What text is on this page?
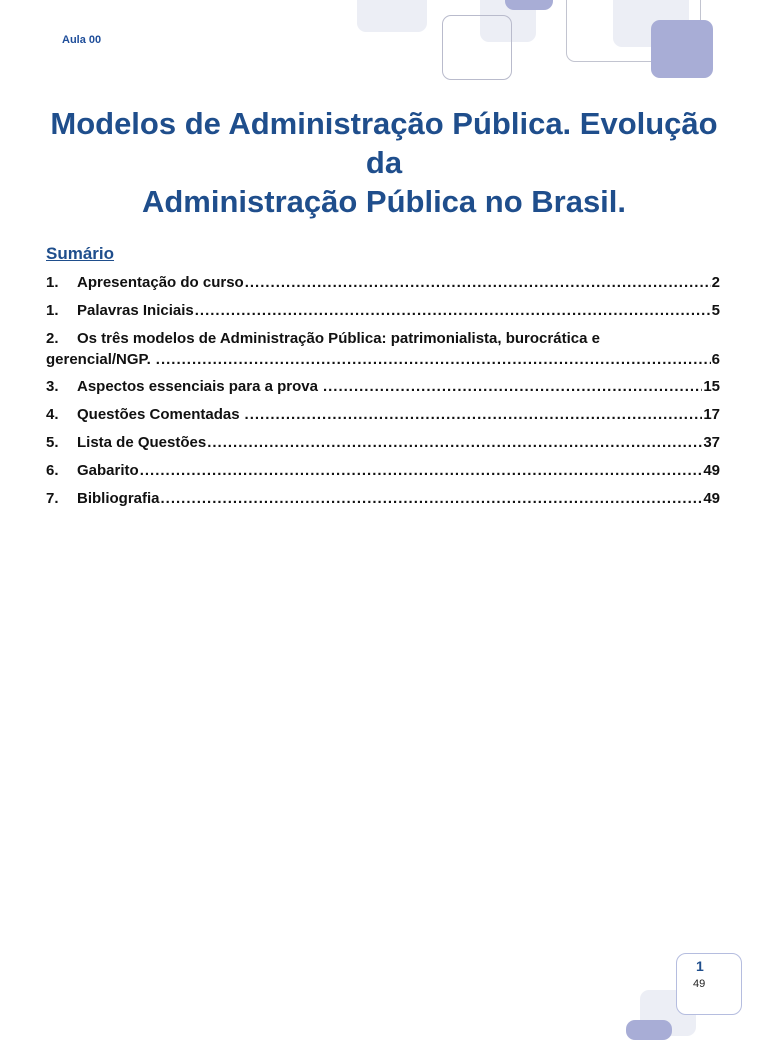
Aula 00
Modelos de Administração Pública. Evolução da
Administração Pública no Brasil.
Sumário
1.	Apresentação do curso .....	2
1.	Palavras Iniciais .....	5
2.	Os três modelos de Administração Pública: patrimonialista, burocrática e
gerencial/NGP. .....	6
3.	Aspectos essenciais para a prova .....	15
4.	Questões Comentadas .....	17
5.	Lista de Questões .....	37
6.	Gabarito .....	49
7.	Bibliografia .....	49
1
49
